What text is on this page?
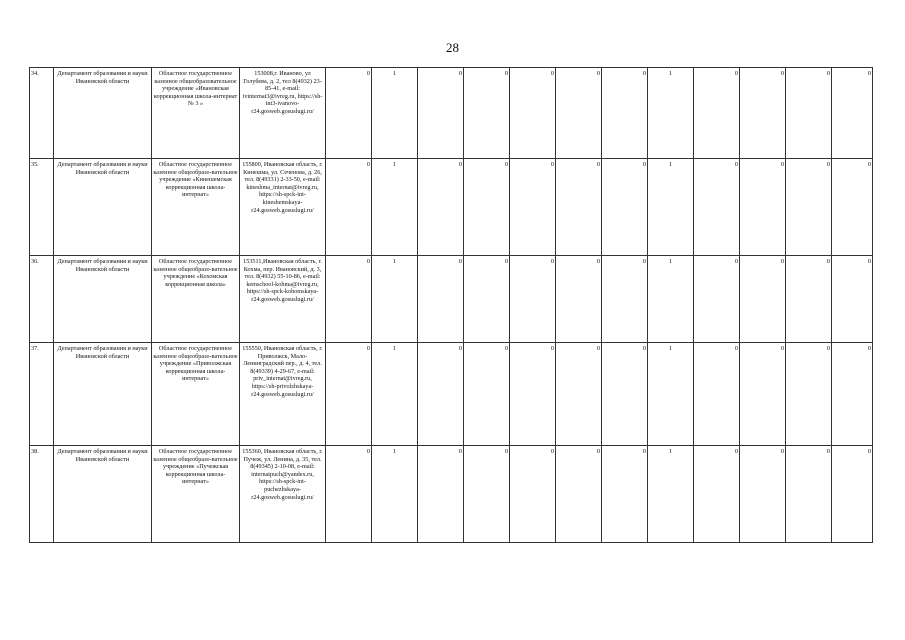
28
34.	Департамент образования и науки Ивановской области	Областное государственное казенное общеобразовательное учреждение «Ивановская коррекционная школа-интернат № 3 »	153008,г. Иваново, ул Голубева, д. 2, тел 8(4932) 23-85-41, e-mail: ivinternat3@ivreg.ru, https://sh-int3-ivanovo-r24.gosweb.gosuslugi.ru/	0	1	0	0	0	0	0	1	0	0	0	0
35.	Департамент образования и науки Ивановской области	Областное государственное казенное общеобразо-вательное учреждение «Кинешемская коррекционная школа-интернат»	155800, Ивановская область, г. Кинешма, ул. Сеченова, д. 26, тел. 8(49331) 2-33-50, e-mail: kineshma_internat@ivreg.ru, https://sh-spck-int-kineshemskaya-r24.gosweb.gosuslugi.ru/	0	1	0	0	0	0	0	1	0	0	0	0
36.	Департамент образования и науки Ивановской области	Областное государственное казенное общеобразо-вательное учреждение «Кохомская коррекционная школа»	153511,Ивановская область, г. Кохма, пер. Ивановский, д. 3, тел. 8(4932) 55-10-86, e-mail: kemschool-kohma@ivreg.ru, https://sh-spck-kohomskaya-r24.gosweb.gosuslugi.ru/	0	1	0	0	0	0	0	1	0	0	0	0
37.	Департамент образования и науки Ивановской области	Областное государственное казенное общеобразо-вательное учреждение «Приволжская коррекционная школа-интернат»	155550, Ивановская область, г. Приволжск, Мало-Ленинградский пер., д. 4, тел. 8(49339) 4-29-67, e-mail: priv_internat@ivreg.ru, https://sh-privolzhskaya-r24.gosweb.gosuslugi.ru/	0	1	0	0	0	0	0	1	0	0	0	0
38.	Департамент образования и науки Ивановской области	Областное государственное казенное общеобразо-вательное учреждение «Пучежская коррекционная школа-интернат»	155360, Ивановская область, г. Пучеж, ул. Ленина, д. 35, тел. 8(49345) 2-10-08, e-mail: internatpuch@yandex.ru, https://sh-spck-int-puchezhskaya-r24.gosweb.gosuslugi.ru/	0	1	0	0	0	0	0	1	0	0	0	0
